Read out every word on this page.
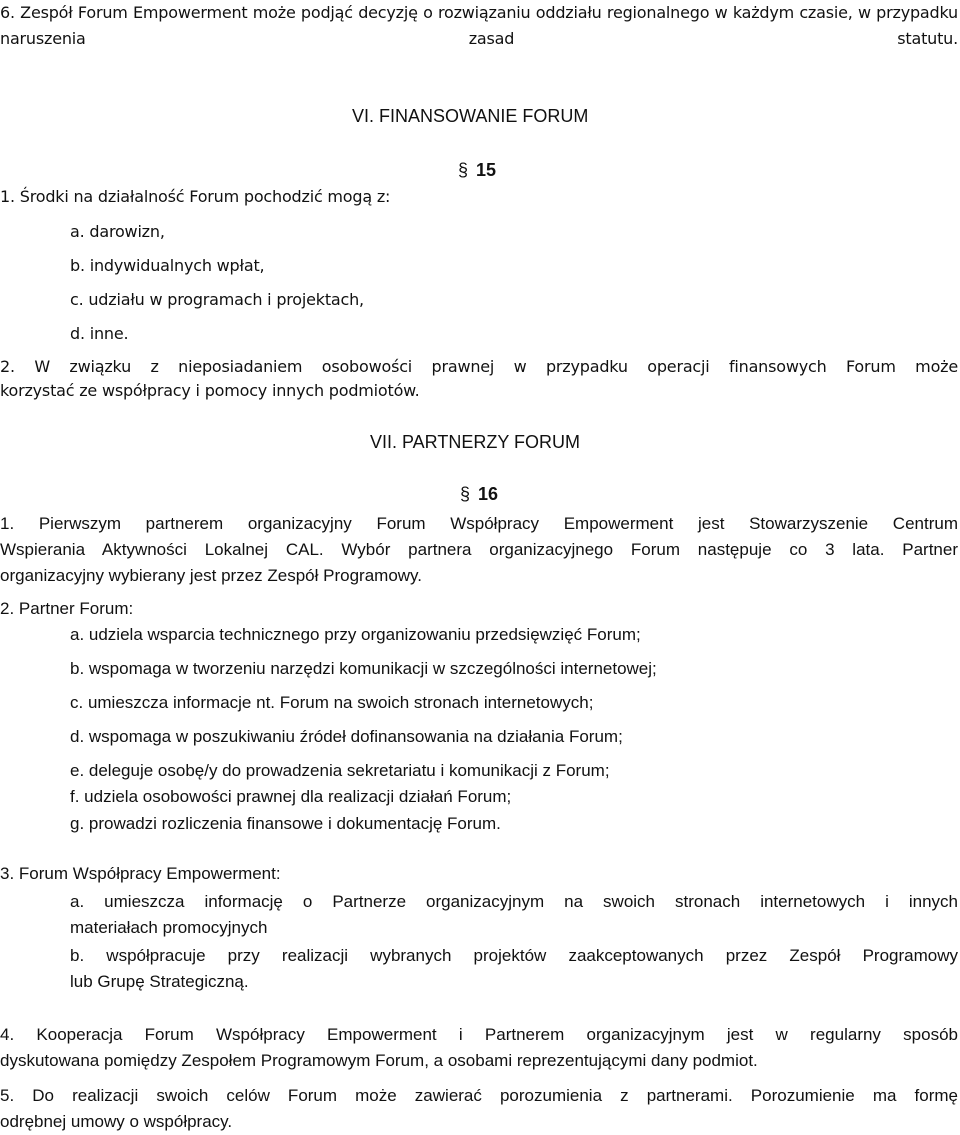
6. Zespół Forum Empowerment może podjąć decyzję o rozwiązaniu oddziału regionalnego w każdym czasie, w przypadku naruszenia zasad statutu.
VI. FINANSOWANIE FORUM
§ 15
1. Środki na działalność Forum pochodzić mogą z:
a. darowizn,
b. indywidualnych wpłat,
c. udziału w programach i projektach,
d. inne.
2. W związku z nieposiadaniem osobowości prawnej w przypadku operacji finansowych Forum może
korzystać ze współpracy i pomocy innych podmiotów.
VII. PARTNERZY FORUM
§ 16
1. Pierwszym partnerem organizacyjny Forum Współpracy Empowerment jest Stowarzyszenie Centrum
Wspierania Aktywności Lokalnej CAL. Wybór partnera organizacyjnego Forum następuje co 3 lata. Partner
organizacyjny wybierany jest przez Zespół Programowy.
2. Partner Forum:
a. udziela wsparcia technicznego przy organizowaniu przedsięwzięć Forum;
b. wspomaga w tworzeniu narzędzi komunikacji w szczególności internetowej;
c. umieszcza informacje nt. Forum na swoich stronach internetowych;
d. wspomaga w poszukiwaniu źródeł dofinansowania na działania Forum;
e. deleguje osobę/y do prowadzenia sekretariatu i komunikacji z Forum;
f. udziela osobowości prawnej dla realizacji działań Forum;
g. prowadzi rozliczenia finansowe i dokumentację Forum.
3. Forum Współpracy Empowerment:
a. umieszcza informację o Partnerze organizacyjnym na swoich stronach internetowych i innych
materiałach promocyjnych
b. współpracuje przy realizacji wybranych projektów zaakceptowanych przez Zespół Programowy
lub Grupę Strategiczną.
4. Kooperacja Forum Współpracy Empowerment i Partnerem organizacyjnym jest w regularny sposób
dyskutowana pomiędzy Zespołem Programowym Forum, a osobami reprezentującymi dany podmiot.
5. Do realizacji swoich celów Forum może zawierać porozumienia z partnerami. Porozumienie ma formę
odrębnej umowy o współpracy.
